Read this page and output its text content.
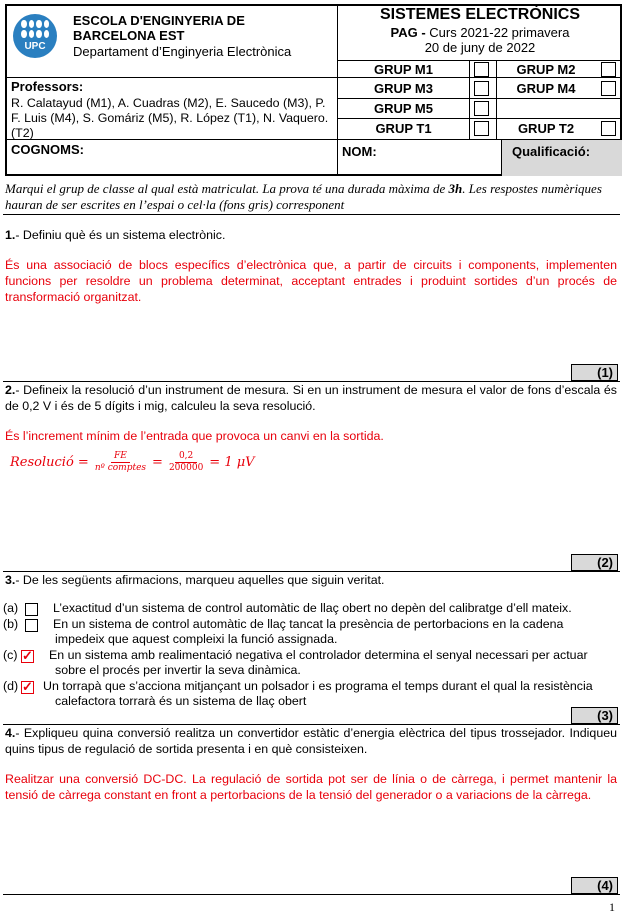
UPC
ESCOLA D'ENGINYERIA DE
BARCELONA EST
Departament d’Enginyeria Electrònica
SISTEMES ELECTRÒNICS
PAG - Curs 2021-22 primavera
20 de juny de 2022
GRUP M1	GRUP M2
GRUP M3	GRUP M4
GRUP M5
GRUP T1	GRUP T2
Professors:
R. Calatayud (M1), A. Cuadras (M2), E. Saucedo (M3), P. F. Luis (M4), S. Gomáriz (M5), R. López (T1), N. Vaquero. (T2)
COGNOMS:	NOM:	Qualificació:
Marqui el grup de classe al qual està matriculat. La prova té una durada màxima de 3h. Les respostes numèriques hauran de ser escrites en l’espai o cel·la (fons gris) corresponent
1.- Definiu què és un sistema electrònic.
És una associació de blocs específics d’electrònica que, a partir de circuits i components, implementen funcions per resoldre un problema determinat, acceptant entrades i produint sortides d’un procés de transformació organitzat.
(1)
2.- Defineix la resolució d’un instrument de mesura. Si en un instrument de mesura el valor de fons d’escala és de 0,2 V i és de 5 dígits i mig, calculeu la seva resolució.
És l’increment mínim de l’entrada que provoca un canvi en la sortida.
Resolució =	FE
nº comptes = $\frac{0,2}{200000} = 1$ μV
(2)
3.- De les següents afirmacions, marqueu aquelles que siguin veritat.
(a)	L’exactitud d’un sistema de control automàtic de llaç obert no depèn del calibratge d’ell mateix.
(b)	En un sistema de control automàtic de llaç tancat la presència de pertorbacions en la cadena
impedeix que aquest compleixi la funció assignada.
(c) ✓	En un sistema amb realimentació negativa el controlador determina el senyal necessari per actuar
sobre el procés per invertir la seva dinàmica.
(d) ✓ Un torrapà que s’acciona mitjançant un polsador i es programa el temps durant el qual la resistència
calefactora torrarà és un sistema de llaç obert
(3)
4.- Expliqueu quina conversió realitza un convertidor estàtic d’energia elèctrica del tipus trossejador. Indiqueu quins tipus de regulació de sortida presenta i en què consisteixen.
Realitzar una conversió DC-DC. La regulació de sortida pot ser de línia o de càrrega, i permet mantenir la tensió de càrrega constant en front a pertorbacions de la tensió del generador o a variacions de la càrrega.
(4)
1
